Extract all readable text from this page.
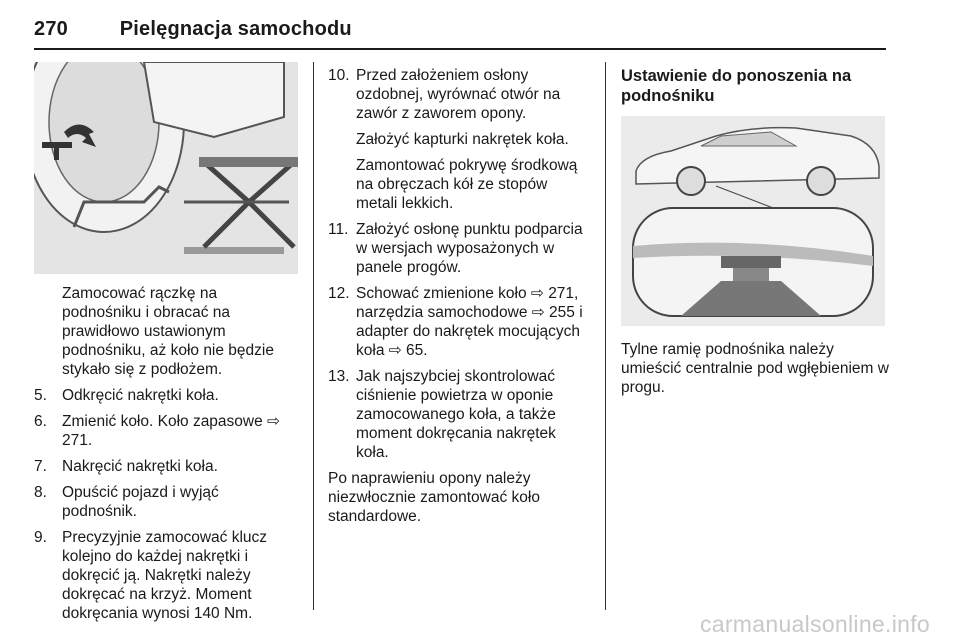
270	Pielęgnacja samochodu
Zamocować rączkę na podnośniku i obracać na prawidłowo ustawionym podnośniku, aż koło nie będzie stykało się z podłożem.
5. Odkręcić nakrętki koła.
6. Zmienić koło. Koło zapasowe ⇨ 271.
7. Nakręcić nakrętki koła.
8. Opuścić pojazd i wyjąć podnośnik.
9. Precyzyjnie zamocować klucz kolejno do każdej nakrętki i dokręcić ją. Nakrętki należy dokręcać na krzyż. Moment dokręcania wynosi 140 Nm.
10. Przed założeniem osłony ozdobnej, wyrównać otwór na zawór z zaworem opony.
Założyć kapturki nakrętek koła.
Zamontować pokrywę środkową na obręczach kół ze stopów metali lekkich.
11. Założyć osłonę punktu podparcia w wersjach wyposażonych w panele progów.
12. Schować zmienione koło ⇨ 271, narzędzia samochodowe ⇨ 255 i adapter do nakrętek mocujących koła ⇨ 65.
13. Jak najszybciej skontrolować ciśnienie powietrza w oponie zamocowanego koła, a także moment dokręcania nakrętek koła.
Po naprawieniu opony należy niezwłocznie zamontować koło standardowe.
Ustawienie do ponoszenia na podnośniku
Tylne ramię podnośnika należy umieścić centralnie pod wgłębieniem w progu.
carmanualsonline.info
